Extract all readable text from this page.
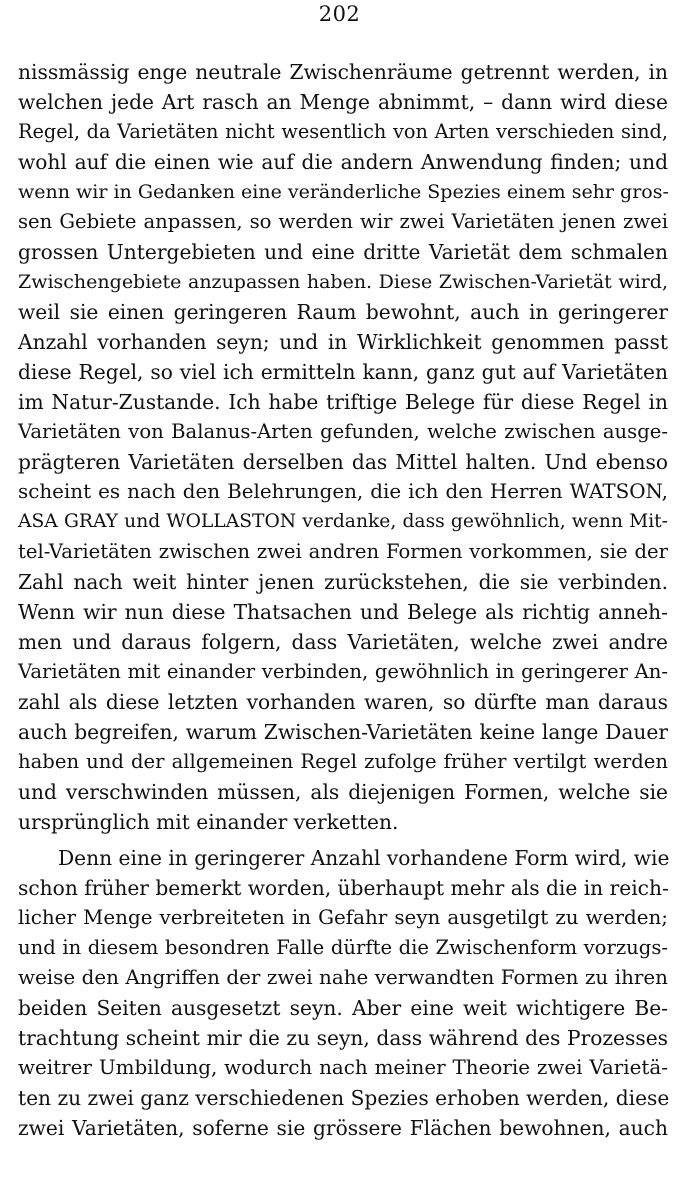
202
nissmässig enge neutrale Zwischenräume getrennt werden, in
welchen jede Art rasch an Menge abnimmt, – dann wird diese
Regel, da Varietäten nicht wesentlich von Arten verschieden sind,
wohl auf die einen wie auf die andern Anwendung finden; und
wenn wir in Gedanken eine veränderliche Spezies einem sehr gros-
sen Gebiete anpassen, so werden wir zwei Varietäten jenen zwei
grossen Untergebieten und eine dritte Varietät dem schmalen
Zwischengebiete anzupassen haben. Diese Zwischen-Varietät wird,
weil sie einen geringeren Raum bewohnt, auch in geringerer
Anzahl vorhanden seyn; und in Wirklichkeit genommen passt
diese Regel, so viel ich ermitteln kann, ganz gut auf Varietäten
im Natur-Zustande. Ich habe triftige Belege für diese Regel in
Varietäten von Balanus-Arten gefunden, welche zwischen ausge-
prägteren Varietäten derselben das Mittel halten. Und ebenso
scheint es nach den Belehrungen, die ich den Herren WATSON,
ASA GRAY und WOLLASTON verdanke, dass gewöhnlich, wenn Mit-
tel-Varietäten zwischen zwei andren Formen vorkommen, sie der
Zahl nach weit hinter jenen zurückstehen, die sie verbinden.
Wenn wir nun diese Thatsachen und Belege als richtig anneh-
men und daraus folgern, dass Varietäten, welche zwei andre
Varietäten mit einander verbinden, gewöhnlich in geringerer An-
zahl als diese letzten vorhanden waren, so dürfte man daraus
auch begreifen, warum Zwischen-Varietäten keine lange Dauer
haben und der allgemeinen Regel zufolge früher vertilgt werden
und verschwinden müssen, als diejenigen Formen, welche sie
ursprünglich mit einander verketten.
Denn eine in geringerer Anzahl vorhandene Form wird, wie
schon früher bemerkt worden, überhaupt mehr als die in reich-
licher Menge verbreiteten in Gefahr seyn ausgetilgt zu werden;
und in diesem besondren Falle dürfte die Zwischenform vorzugs-
weise den Angriffen der zwei nahe verwandten Formen zu ihren
beiden Seiten ausgesetzt seyn. Aber eine weit wichtigere Be-
trachtung scheint mir die zu seyn, dass während des Prozesses
weitrer Umbildung, wodurch nach meiner Theorie zwei Varietä-
ten zu zwei ganz verschiedenen Spezies erhoben werden, diese
zwei Varietäten, soferne sie grössere Flächen bewohnen, auch
